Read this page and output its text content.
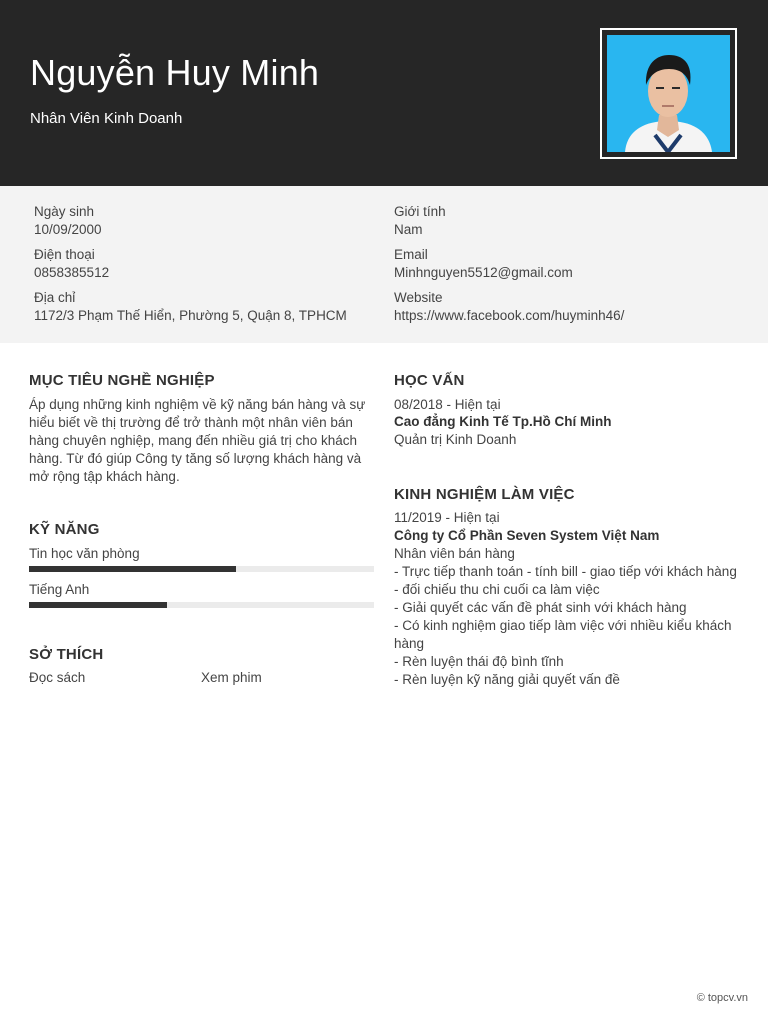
Nguyễn Huy Minh
Nhân Viên Kinh Doanh
Ngày sinh
10/09/2000
Giới tính
Nam
Điện thoại
0858385512
Email
Minhnguyen5512@gmail.com
Địa chỉ
1172/3 Phạm Thế Hiển, Phường 5, Quận 8, TPHCM
Website
https://www.facebook.com/huyminh46/
MỤC TIÊU NGHỀ NGHIỆP
Áp dụng những kinh nghiệm về kỹ năng bán hàng và sự
hiểu biết về thị trường để trở thành một nhân viên bán
hàng chuyên nghiệp, mang đến nhiều giá trị cho khách
hàng. Từ đó giúp Công ty tăng số lượng khách hàng và
mở rộng tập khách hàng.
KỸ NĂNG
Tin học văn phòng
Tiếng Anh
SỞ THÍCH
Đọc sách	Xem phim
HỌC VẤN
08/2018 - Hiện tại
Cao đẳng Kinh Tế Tp.Hồ Chí Minh
Quản trị Kinh Doanh
KINH NGHIỆM LÀM VIỆC
11/2019 - Hiện tại
Công ty Cổ Phần Seven System Việt Nam
Nhân viên bán hàng
- Trực tiếp thanh toán - tính bill - giao tiếp với khách hàng
- đối chiếu thu chi cuối ca làm việc
- Giải quyết các vấn đề phát sinh với khách hàng
- Có kinh nghiệm giao tiếp làm việc với nhiều kiểu khách
hàng
- Rèn luyện thái độ bình tĩnh
- Rèn luyện kỹ năng giải quyết vấn đề
© topcv.vn
